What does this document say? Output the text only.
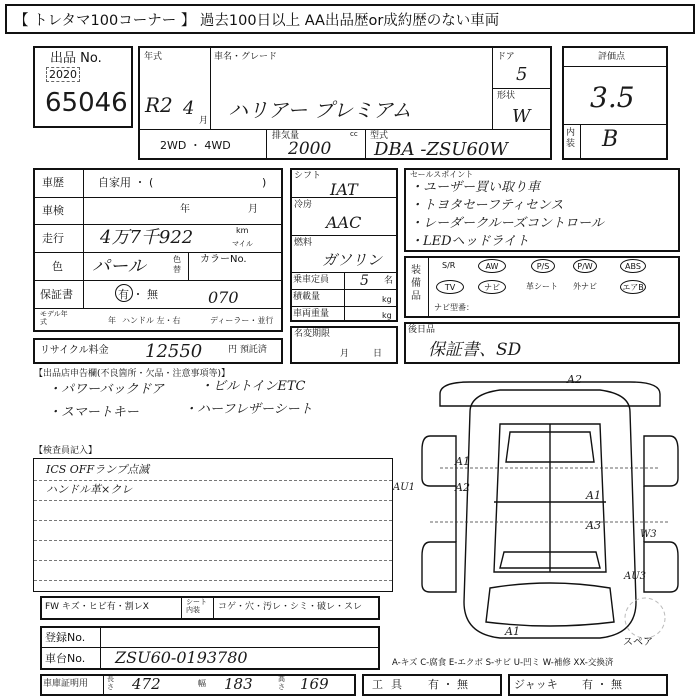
【 トレタマ100コーナー 】 過去100日以上 AA出品歴or成約歴のない車両
出品 No.
2020
65046
年式
R2 4
月
車名・グレード
ハリアー プレミアム
2WD ・ 4WD
排気量	cc
2000
型式
DBA -ZSU60W
ドア
5
形状
W
評価点
3.5
内装 B
車歴	自家用 ・ (	)
車検	年	月
走行 4万7千922	km
マイル
色 パール	色替
カラーNo.
保証書	有 ・ 無	070
モデル年式	年 ハンドル 左・右	ディーラー・並行
リサイクル料金 12550	円 預託済
シフト
IAT
冷房
AAC
燃料
ガソリン
乗車定員 5 名
積載量	kg
車両重量	kg
名変期限
月日
セールスポイント
・ユーザー買い取り車
・トヨタセーフティセンス
・レーダークルーズコントロール
・LEDヘッドライト
装備品
S/R	AW	P/S	P/W	ABS
TV	ナビ	革シート 外ナビ	エアB
ナビ型番：
後日品
保証書、SD
【出品店申告欄(不良箇所・欠品・注意事項等)】
・パワーバックドア	・ビルトインETC
・スマートキー	・ハーフレザーシート
【検査員記入】
ICS OFFランプ点滅
ハンドル革×クレ
A2
A1
A2
AU1
A1
A3
W3
AU3
A1
スペア
FW キズ・ヒビ有・割レX	シート内装	コゲ・穴・汚レ・シミ・破レ・スレ
登録No.
車台No. ZSU60-0193780	A-キズ C-腐食 E-エクボ S-サビ U-凹ミ W-補修 XX-交換済
車庫証明用	長さ 472	幅 183	高さ 169	工具 有 ・ 無	ジャッキ 有 ・ 無
